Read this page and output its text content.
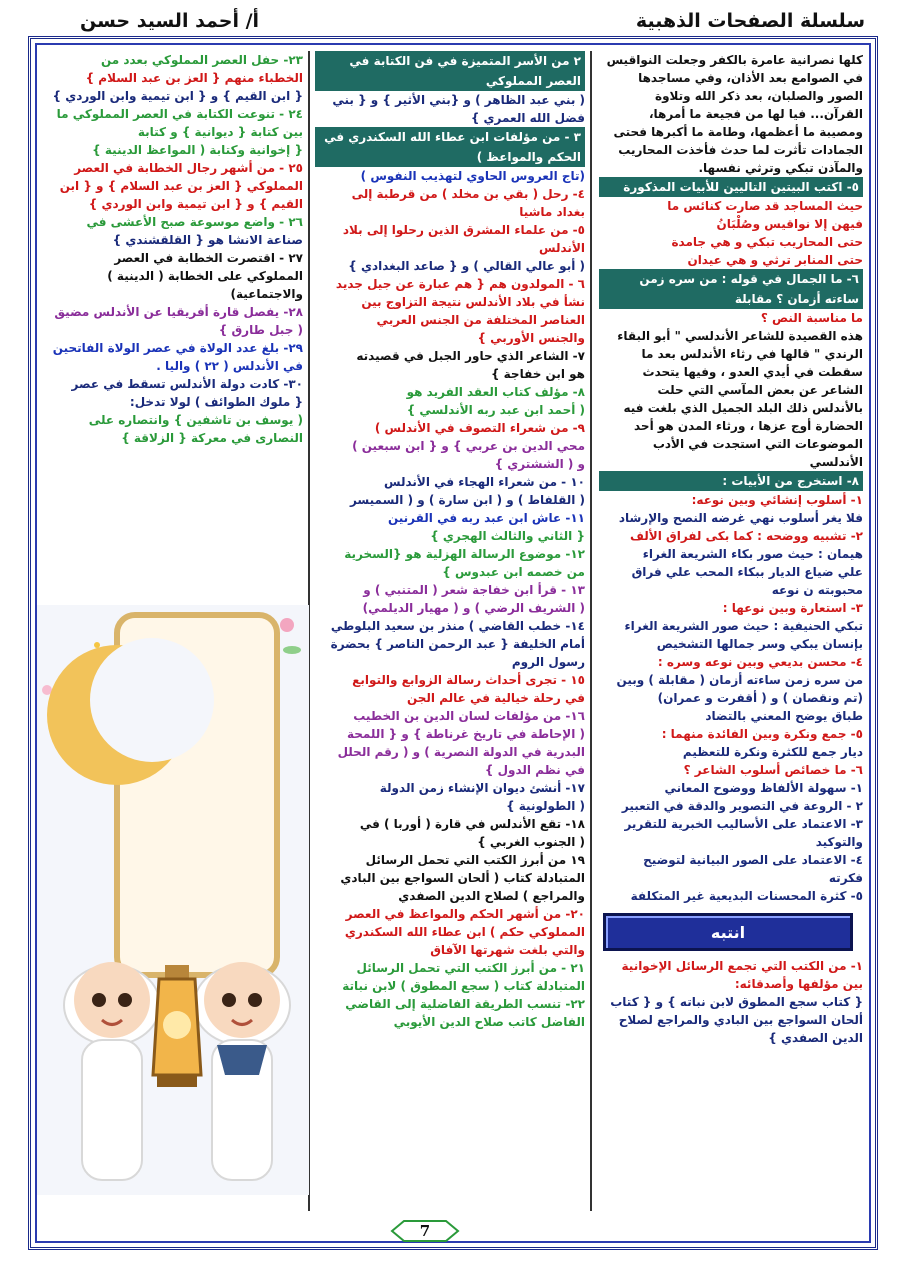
سلسلة الصفحات الذهبية
أ/ أحمد السيد حسن
كلها نصرانية عامرة بالكفر وجعلت النواقيس
في الصوامع بعد الأذان، وفي مساجدها
الصور والصلبان، بعد ذكر الله وتلاوة
القرآن... فيا لها من فجيعة ما أمرها،
ومصيبة ما أعظمها، وطامة ما أكبرها فحتى
الجمادات تأثرت لما حدث فأخذت المحاريب
والمآذن تبكي وترثي نفسها.
٥- اكتب البيتين التاليين للأبيات المذكورة
حيث المساجد قد صارت كنائس ما
فيهن إلا نواقيس وصُلْبَانُ
حتى المحاريب تبكي و هي جامدة
حتى المنابر ترثي و هي عيدان
٦- ما الجمال في قوله : من سره زمن
ساءته أزمان ؟ مقابلة
ما مناسبة النص ؟
هذه القصيدة للشاعر الأندلسي " أبو البقاء
الرندي " قالها في رثاء الأندلس بعد ما
سقطت في أيدي العدو ، وفيها يتحدث
الشاعر عن بعض المآسي التي حلت
بالأندلس ذلك البلد الجميل الذي بلغت فيه
الحضارة أوج عزها ، ورثاء المدن هو أحد
الموضوعات التي استجدت في الأدب
الأندلسي
٨- استخرج من الأبيات :
١- أسلوب إنشائي وبين نوعه:
فلا يغر أسلوب نهي غرضه النصح والإرشاد
٢- تشبيه ووضحه : كما بكى لفراق الألف
هيمان : حيث صور بكاء الشريعة الغراء
علي ضياع الديار ببكاء المحب علي فراق
محبوبته ن نوعه
٣- استعارة وبين نوعها :
تبكي الحنيفية : حيث صور الشريعة الغراء
بإنسان يبكي وسر جمالها التشخيص
٤- محسن بديعي وبين نوعه وسره :
من سره زمن ساءته أزمان ( مقابلة ) وبين
(تم ونقصان ) و ( أقفرت و عمران)
طباق يوضح المعني بالتضاد
٥- جمع ونكرة وبين الفائدة منهما :
ديار جمع للكثرة ونكرة للتعظيم
٦- ما خصائص أسلوب الشاعر ؟
١- سهولة الألفاظ ووضوح المعاني
٢ - الروعة في التصوير والدقة في التعبير
٣- الاعتماد على الأساليب الخبرية للتقرير
والتوكيد
٤- الاعتماد على الصور البيانية لتوضيح
فكرته
٥- كثرة المحسنات البديعية غير المتكلفة
انتبه
١- من الكتب التي تجمع الرسائل الإخوانية
بين مؤلفها وأصدقائه:
{ كتاب سجع المطوق لابن نباته } و { كتاب
ألحان السواجع بين البادي والمراجع لصلاح
الدين الصفدي }
٢ من الأسر المتميزة في فن الكتابة في
العصر المملوكي
( بني عبد الظاهر ) و {بني الأثير } و { بني
فضل الله العمري }
٣ - من مؤلفات ابن عطاء الله السكندري في
الحكم والمواعظ )
(تاج العروس الحاوي لتهذيب النفوس )
٤- رحل ( بقي بن مخلد ) من قرطبة إلى
بغداد ماشيا
٥- من علماء المشرق الذين رحلوا إلى بلاد
الأندلس
( أبو عالي القالي ) و { صاعد البغدادي }
٦ - المولدون هم { هم عبارة عن جيل جديد
نشأ في بلاد الأندلس نتيجة التزاوج بين
العناصر المختلفة من الجنس العربي
والجنس الأوربي }
٧- الشاعر الذي حاور الجبل في قصيدته
هو ابن خفاجة }
٨- مؤلف كتاب العقد الفريد هو
( أحمد ابن عبد ربه الأندلسي }
٩- من شعراء التصوف في الأندلس )
محي الدين بن عربي } و { ابن سبعين )
و ( الششتري }
١٠ - من شعراء الهجاء في الأندلس
( القلفاط ) و ( ابن سارة ) و ( السميسر
١١- عاش ابن عبد ربه في القرنين
{ الثاني والثالث الهجري }
١٢- موضوع الرسالة الهزلية هو {السخرية
من خصمه ابن عبدوس }
١٣ - قرأ ابن خفاجة شعر ( المتنبي ) و
( الشريف الرضي ) و ( مهيار الديلمي)
١٤- خطب القاضي ) منذر بن سعيد البلوطي
أمام الخليفة { عبد الرحمن الناصر } بحضرة
رسول الروم
١٥ - تجرى أحداث رسالة الزوابع والتوابع
في رحلة خيالية في عالم الجن
١٦- من مؤلفات لسان الدين بن الخطيب
( الإحاطة في تاريخ غرناطة } و { اللمحة
البدرية في الدولة النصرية ) و ( رقم الحلل
في نظم الدول }
١٧- أنشئ ديوان الإنشاء زمن الدولة
( الطولونية }
١٨- تقع الأندلس في قارة ( أوربا ) في
( الجنوب الغربي }
١٩ من أبرز الكتب التي تحمل الرسائل
المتبادلة كتاب ( ألحان السواجع بين البادي
والمراجع ) لصلاح الدين الصفدي
٢٠- من أشهر الحكم والمواعظ في العصر
المملوكي حكم ) ابن عطاء الله السكندري
والتي بلغت شهرتها الآفاق
٢١ - من أبرز الكتب التي تحمل الرسائل
المتبادلة كتاب ( سجع المطوق ) لابن نباتة
٢٢- تنسب الطريقة الفاضلية إلى القاضي
الفاضل كاتب صلاح الدين الأيوبي
٢٣- حفل العصر المملوكي بعدد من
الخطباء منهم { العز بن عبد السلام }
{ ابن القيم } و { ابن تيمية وابن الوردي }
٢٤ - تنوعت الكتابة في العصر المملوكي ما
بين كتابة { ديوانية } و كتابة
{ إخوانية وكتابة ( المواعظ الدينية }
٢٥ - من أشهر رجال الخطابة في العصر
المملوكي { العز بن عبد السلام } و { ابن
القيم } و { ابن تيمية وابن الوردي }
٢٦ - واضع موسوعة صبح الأعشى في
صناعة الانشا هو { القلقشندي }
٢٧ - اقتصرت الخطابة في العصر
المملوكي على الخطابة ( الدينية )
والاجتماعية)
٢٨- يفصل قارة أفريقيا عن الأندلس مضيق
( جبل طارق }
٢٩- بلغ عدد الولاة في عصر الولاة الفاتحين
في الأندلس ( ٢٢ ) واليا .
٣٠- كادت دولة الأندلس تسقط في عصر
{ ملوك الطوائف ) لولا تدخل:
( يوسف بن تاشفين } وانتصاره على
النصارى في معركة { الزلاقة }
7
